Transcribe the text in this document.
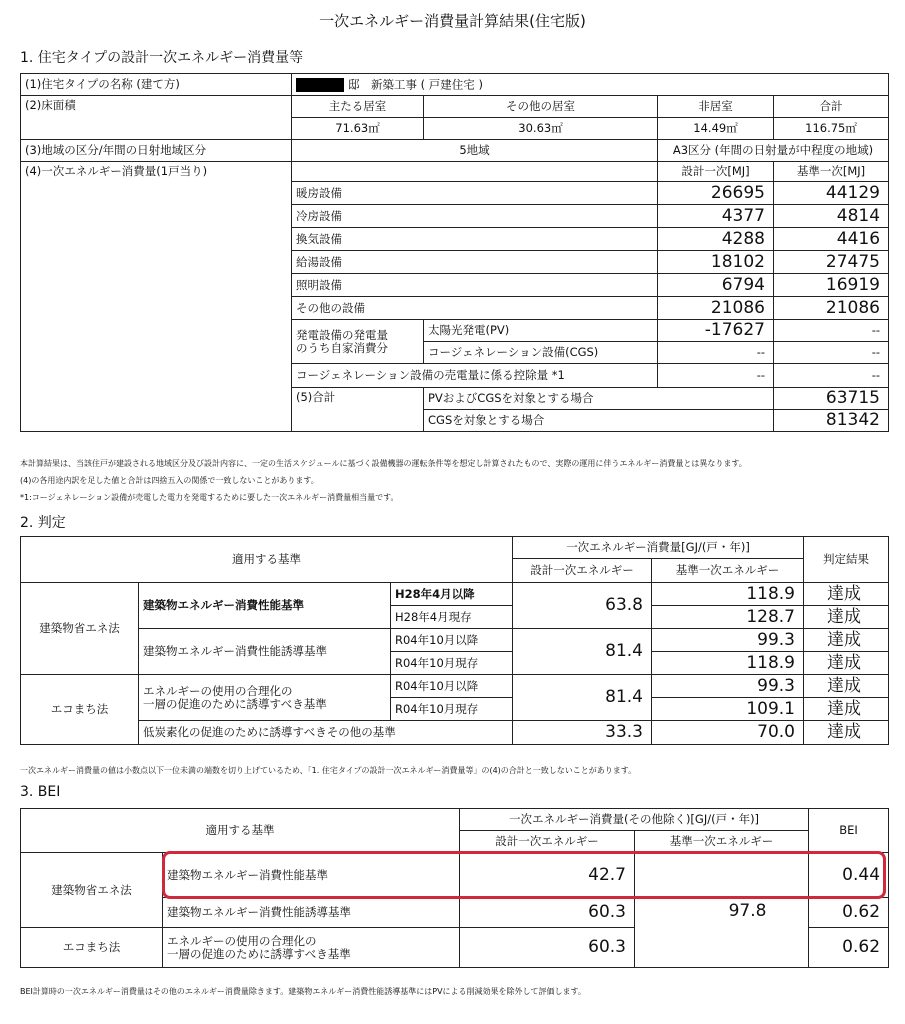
一次エネルギー消費量計算結果(住宅版)
1. 住宅タイプの設計一次エネルギー消費量等
(1)住宅タイプの名称 (建て方)	邸　新築工事 ( 戸建住宅 )				
(2)床面積	主たる居室	その他の居室	非居室	合計	
	71.63㎡	30.63㎡	14.49㎡	116.75㎡	
(3)地域の区分/年間の日射地域区分	5地域		A3区分 (年間の日射量が中程度の地域)		
(4)一次エネルギー消費量(1戸当り)			設計一次[MJ]	基準一次[MJ]	
	暖房設備		26695	44129	
	冷房設備		4377	4814	
	換気設備		4288	4416	
	給湯設備		18102	27475	
	照明設備		6794	16919	
	その他の設備		21086	21086	

	発電設備の発電量
のうち自家消費分	太陽光発電(PV)	-17627	--	
		コージェネレーション設備(CGS)	--	--	
	コージェネレーション設備の売電量に係る控除量 *1		--	--	
	(5)合計	PVおよびCGSを対象とする場合		63715	
		CGSを対象とする場合		81342	
本計算結果は、当該住戸が建設される地域区分及び設計内容に、一定の生活スケジュールに基づく設備機器の運転条件等を想定し計算されたもので、実際の運用に伴うエネルギー消費量とは異なります。
(4)の各用途内訳を足した値と合計は四捨五入の関係で一致しないことがあります。
*1:コージェネレーション設備が売電した電力を発電するために要した一次エネルギー消費量相当量です。
2. 判定
適用する基準			一次エネルギー消費量[GJ/(戸・年)]		判定結果
			設計一次エネルギー	基準一次エネルギー	
建築物省エネ法	建築物エネルギー消費性能基準	H28年4月以降	63.8	118.9	達成
		H28年4月現存		128.7	達成
	建築物エネルギー消費性能誘導基準	R04年10月以降	81.4	99.3	達成
		R04年10月現存		118.9	達成
エコまち法	エネルギーの使用の合理化の
一層の促進のために誘導すべき基準	R04年10月以降	81.4	99.3	達成
		R04年10月現存		109.1	達成
	低炭素化の促進のために誘導すべきその他の基準		33.3	70.0	達成
一次エネルギー消費量の値は小数点以下一位未満の端数を切り上げているため、「1. 住宅タイプの設計一次エネルギー消費量等」の(4)の合計と一致しないことがあります。
3. BEI
適用する基準		一次エネルギー消費量(その他除く)[GJ/(戸・年)]		BEI
		設計一次エネルギー	基準一次エネルギー	
建築物省エネ法	建築物エネルギー消費性能基準	42.7		0.44
	建築物エネルギー消費性能誘導基準	60.3	97.8	0.62
エコまち法	エネルギーの使用の合理化の
一層の促進のために誘導すべき基準	60.3		0.62
BEI計算時の一次エネルギー消費量はその他のエネルギー消費量除きます。建築物エネルギー消費性能誘導基準にはPVによる削減効果を除外して評価します。
